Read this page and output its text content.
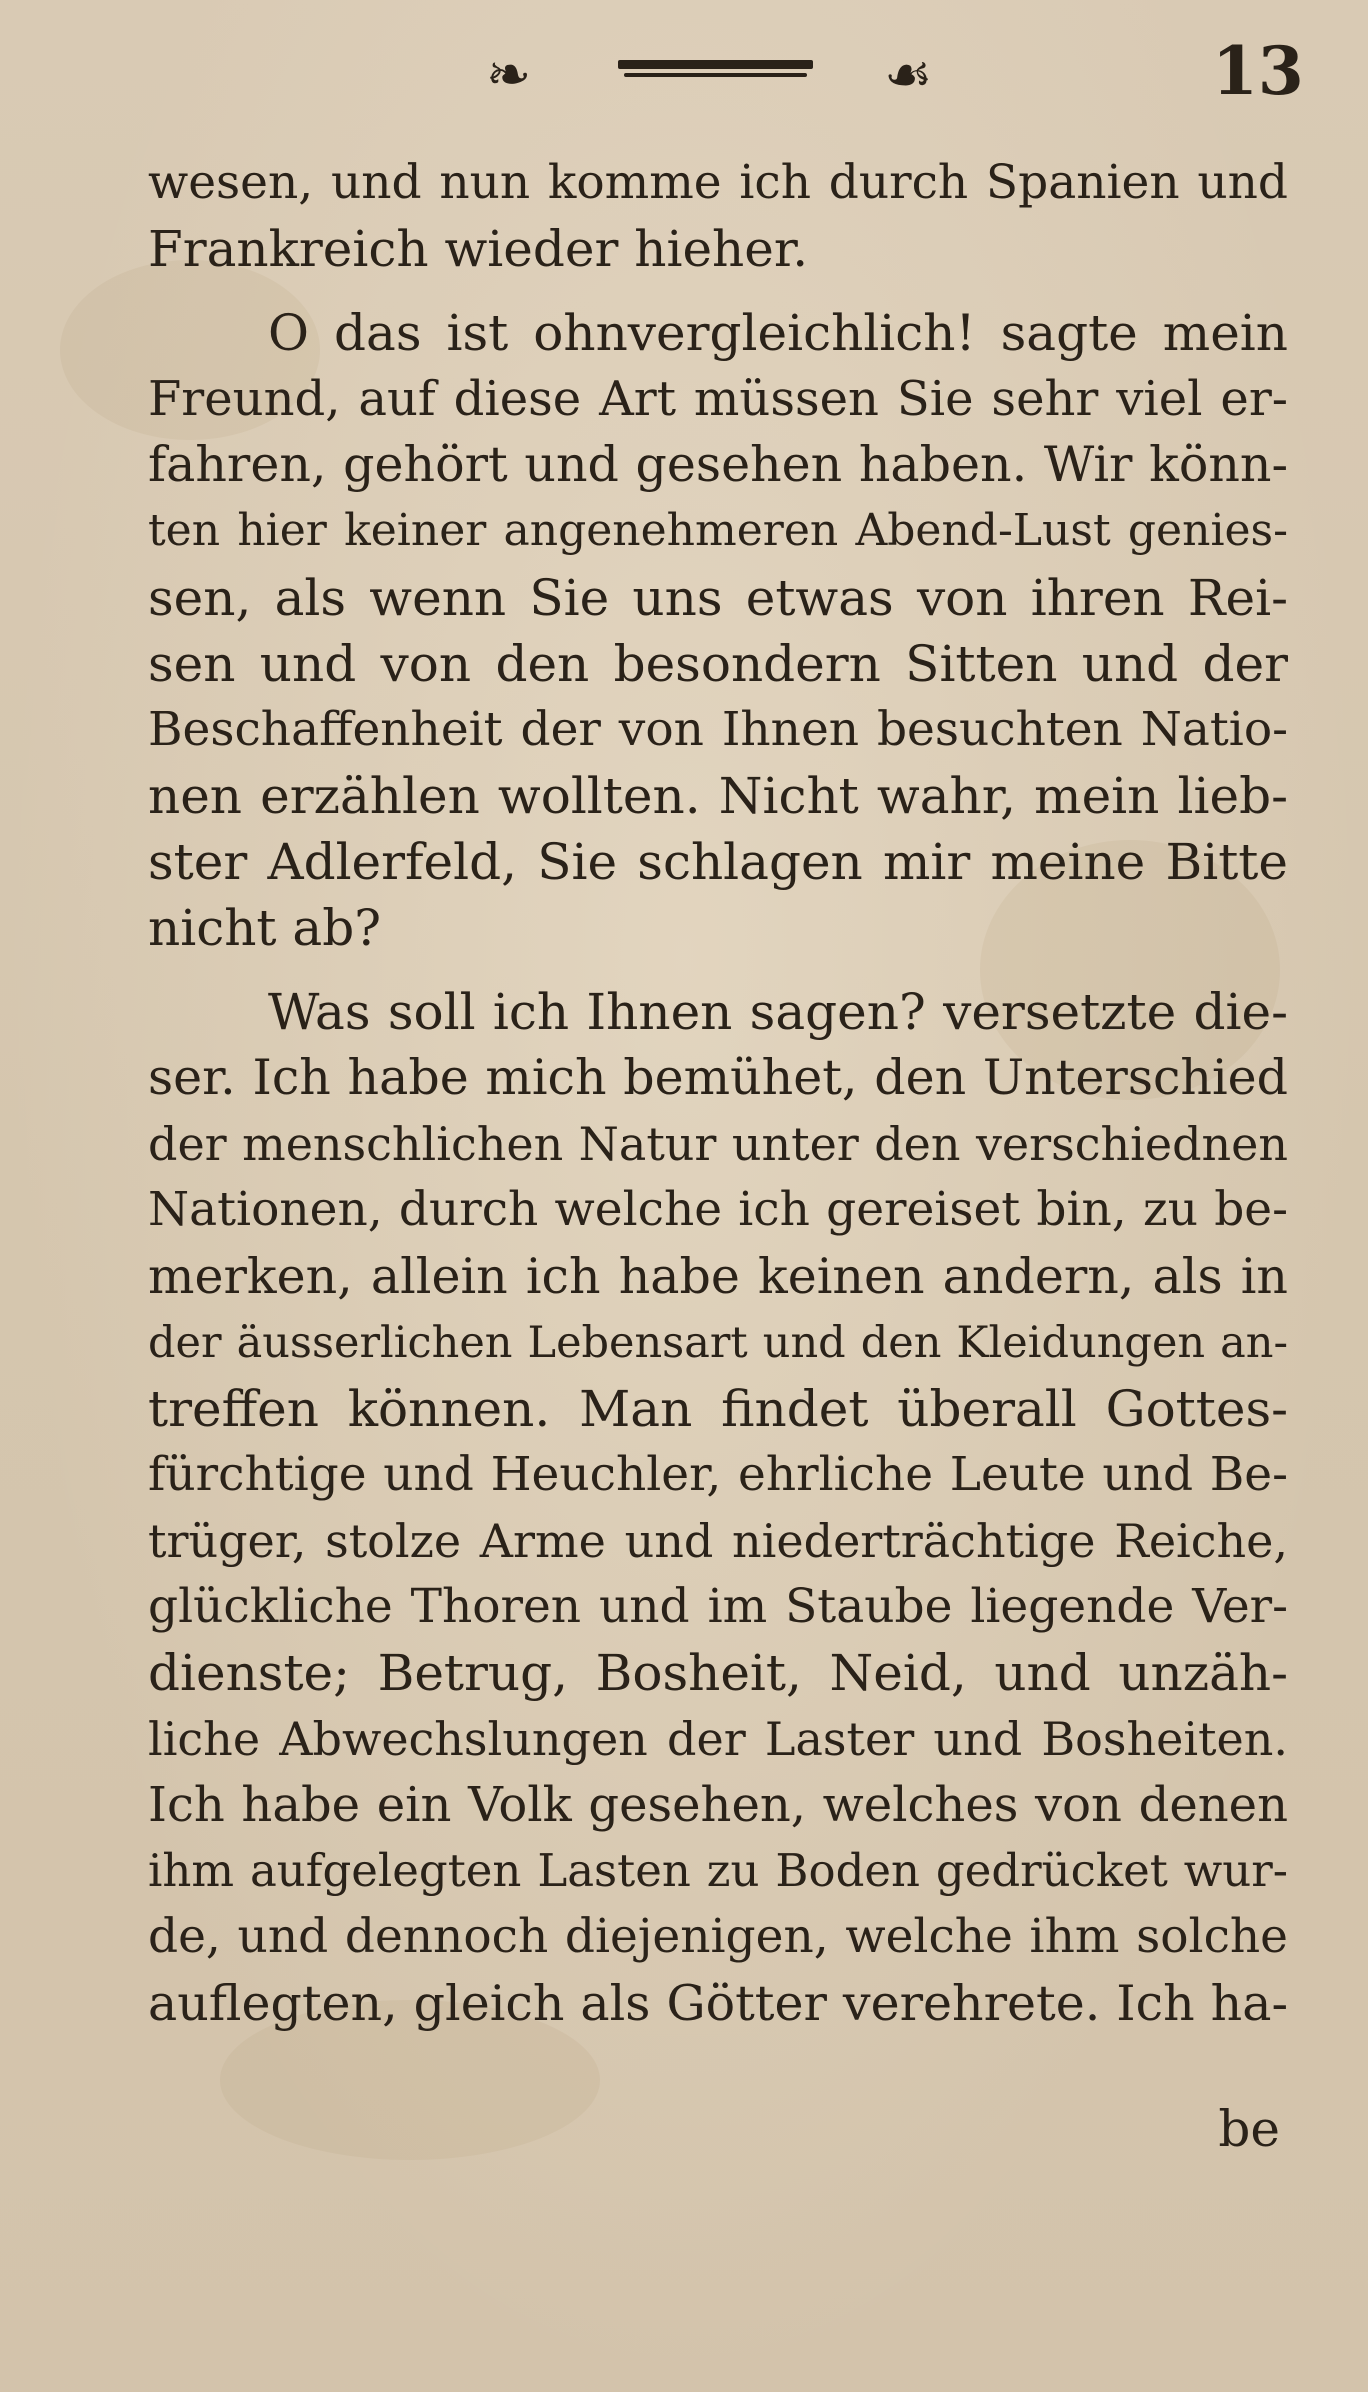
❧	☙	13
wesen, und nun komme ich durch Spanien und
Frankreich wieder hieher.
O das ist ohnvergleichlich! sagte mein
Freund, auf diese Art müssen Sie sehr viel er-
fahren, gehört und gesehen haben. Wir könn-
ten hier keiner angenehmeren Abend-Lust genies-
sen, als wenn Sie uns etwas von ihren Rei-
sen und von den besondern Sitten und der
Beschaffenheit der von Ihnen besuchten Natio-
nen erzählen wollten. Nicht wahr, mein lieb-
ster Adlerfeld, Sie schlagen mir meine Bitte
nicht ab?
Was soll ich Ihnen sagen? versetzte die-
ser. Ich habe mich bemühet, den Unterschied
der menschlichen Natur unter den verschiednen
Nationen, durch welche ich gereiset bin, zu be-
merken, allein ich habe keinen andern, als in
der äusserlichen Lebensart und den Kleidungen an-
treffen können. Man findet überall Gottes-
fürchtige und Heuchler, ehrliche Leute und Be-
trüger, stolze Arme und niederträchtige Reiche,
glückliche Thoren und im Staube liegende Ver-
dienste; Betrug, Bosheit, Neid, und unzäh-
liche Abwechslungen der Laster und Bosheiten.
Ich habe ein Volk gesehen, welches von denen
ihm aufgelegten Lasten zu Boden gedrücket wur-
de, und dennoch diejenigen, welche ihm solche
auflegten, gleich als Götter verehrete. Ich ha-
be
